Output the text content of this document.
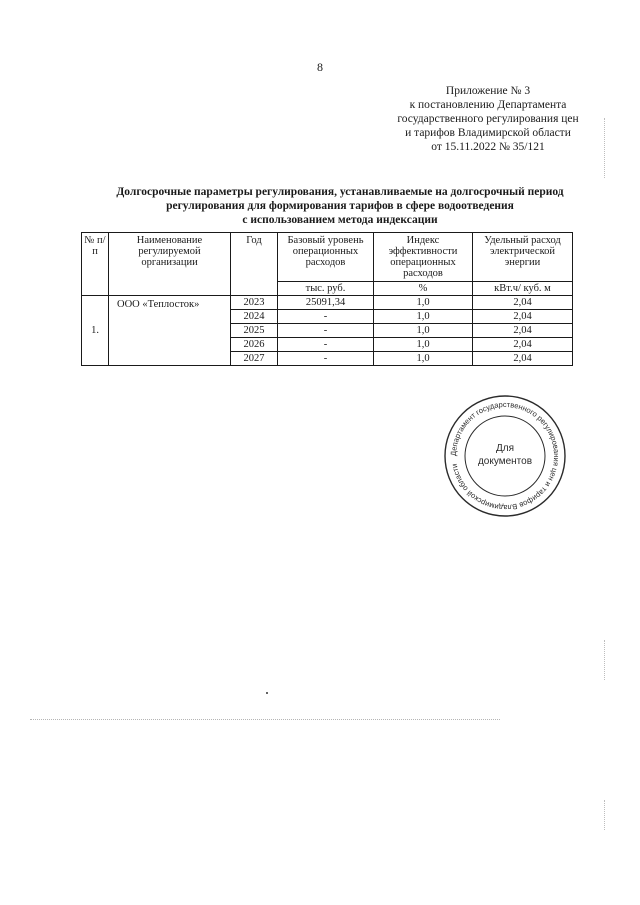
8
Приложение № 3
к постановлению Департамента
государственного регулирования цен
и тарифов Владимирской области
от 15.11.2022 № 35/121
Долгосрочные параметры регулирования, устанавливаемые на долгосрочный период
регулирования для формирования тарифов в сфере водоотведения
с использованием метода индексации
№ п/п	Наименование регулируемой организации	Год	Базовый уровень операционных расходов	Индекс эффективности операционных расходов	Удельный расход электрической энергии
			тыс. руб.	%	кВт.ч/ куб. м
1.	ООО «Теплосток»	2023	25091,34	1,0	2,04
		2024	-	1,0	2,04
		2025	-	1,0	2,04
		2026	-	1,0	2,04
		2027	-	1,0	2,04
Департамент государственного регулирования цен и тарифов Владимирской области
Для
документов
